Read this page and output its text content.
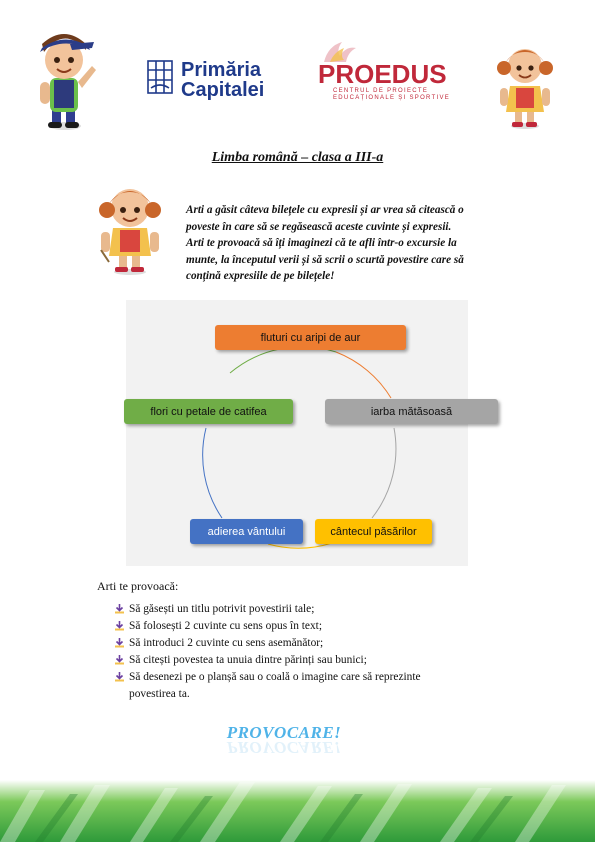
Primăria
Capitalei
PROEDUS
CENTRUL DE PROIECTE
EDUCAȚIONALE ȘI SPORTIVE
Limba română – clasa a III-a
Arti a găsit câteva bilețele cu expresii și ar vrea să citească o
poveste în care să se regăsească aceste cuvinte și expresii.
Arti te provoacă să îți imaginezi că te afli într-o excursie la
munte, la începutul verii și să scrii o scurtă povestire care să
conțină expresiile de pe bilețele!
fluturi cu aripi de aur
iarba mătăsoasă
cântecul păsărilor
adierea vântului
flori cu petale de catifea
Arti te provoacă:
Să găsești un titlu potrivit povestirii tale;
Să folosești 2 cuvinte cu sens opus în text;
Să introduci 2 cuvinte cu sens asemănător;
Să citești povestea ta unuia dintre părinți sau bunici;
Să desenezi pe o planșă sau o coală o imagine care să reprezinte
povestirea ta.
PROVOCARE!
PROVOCARE!
